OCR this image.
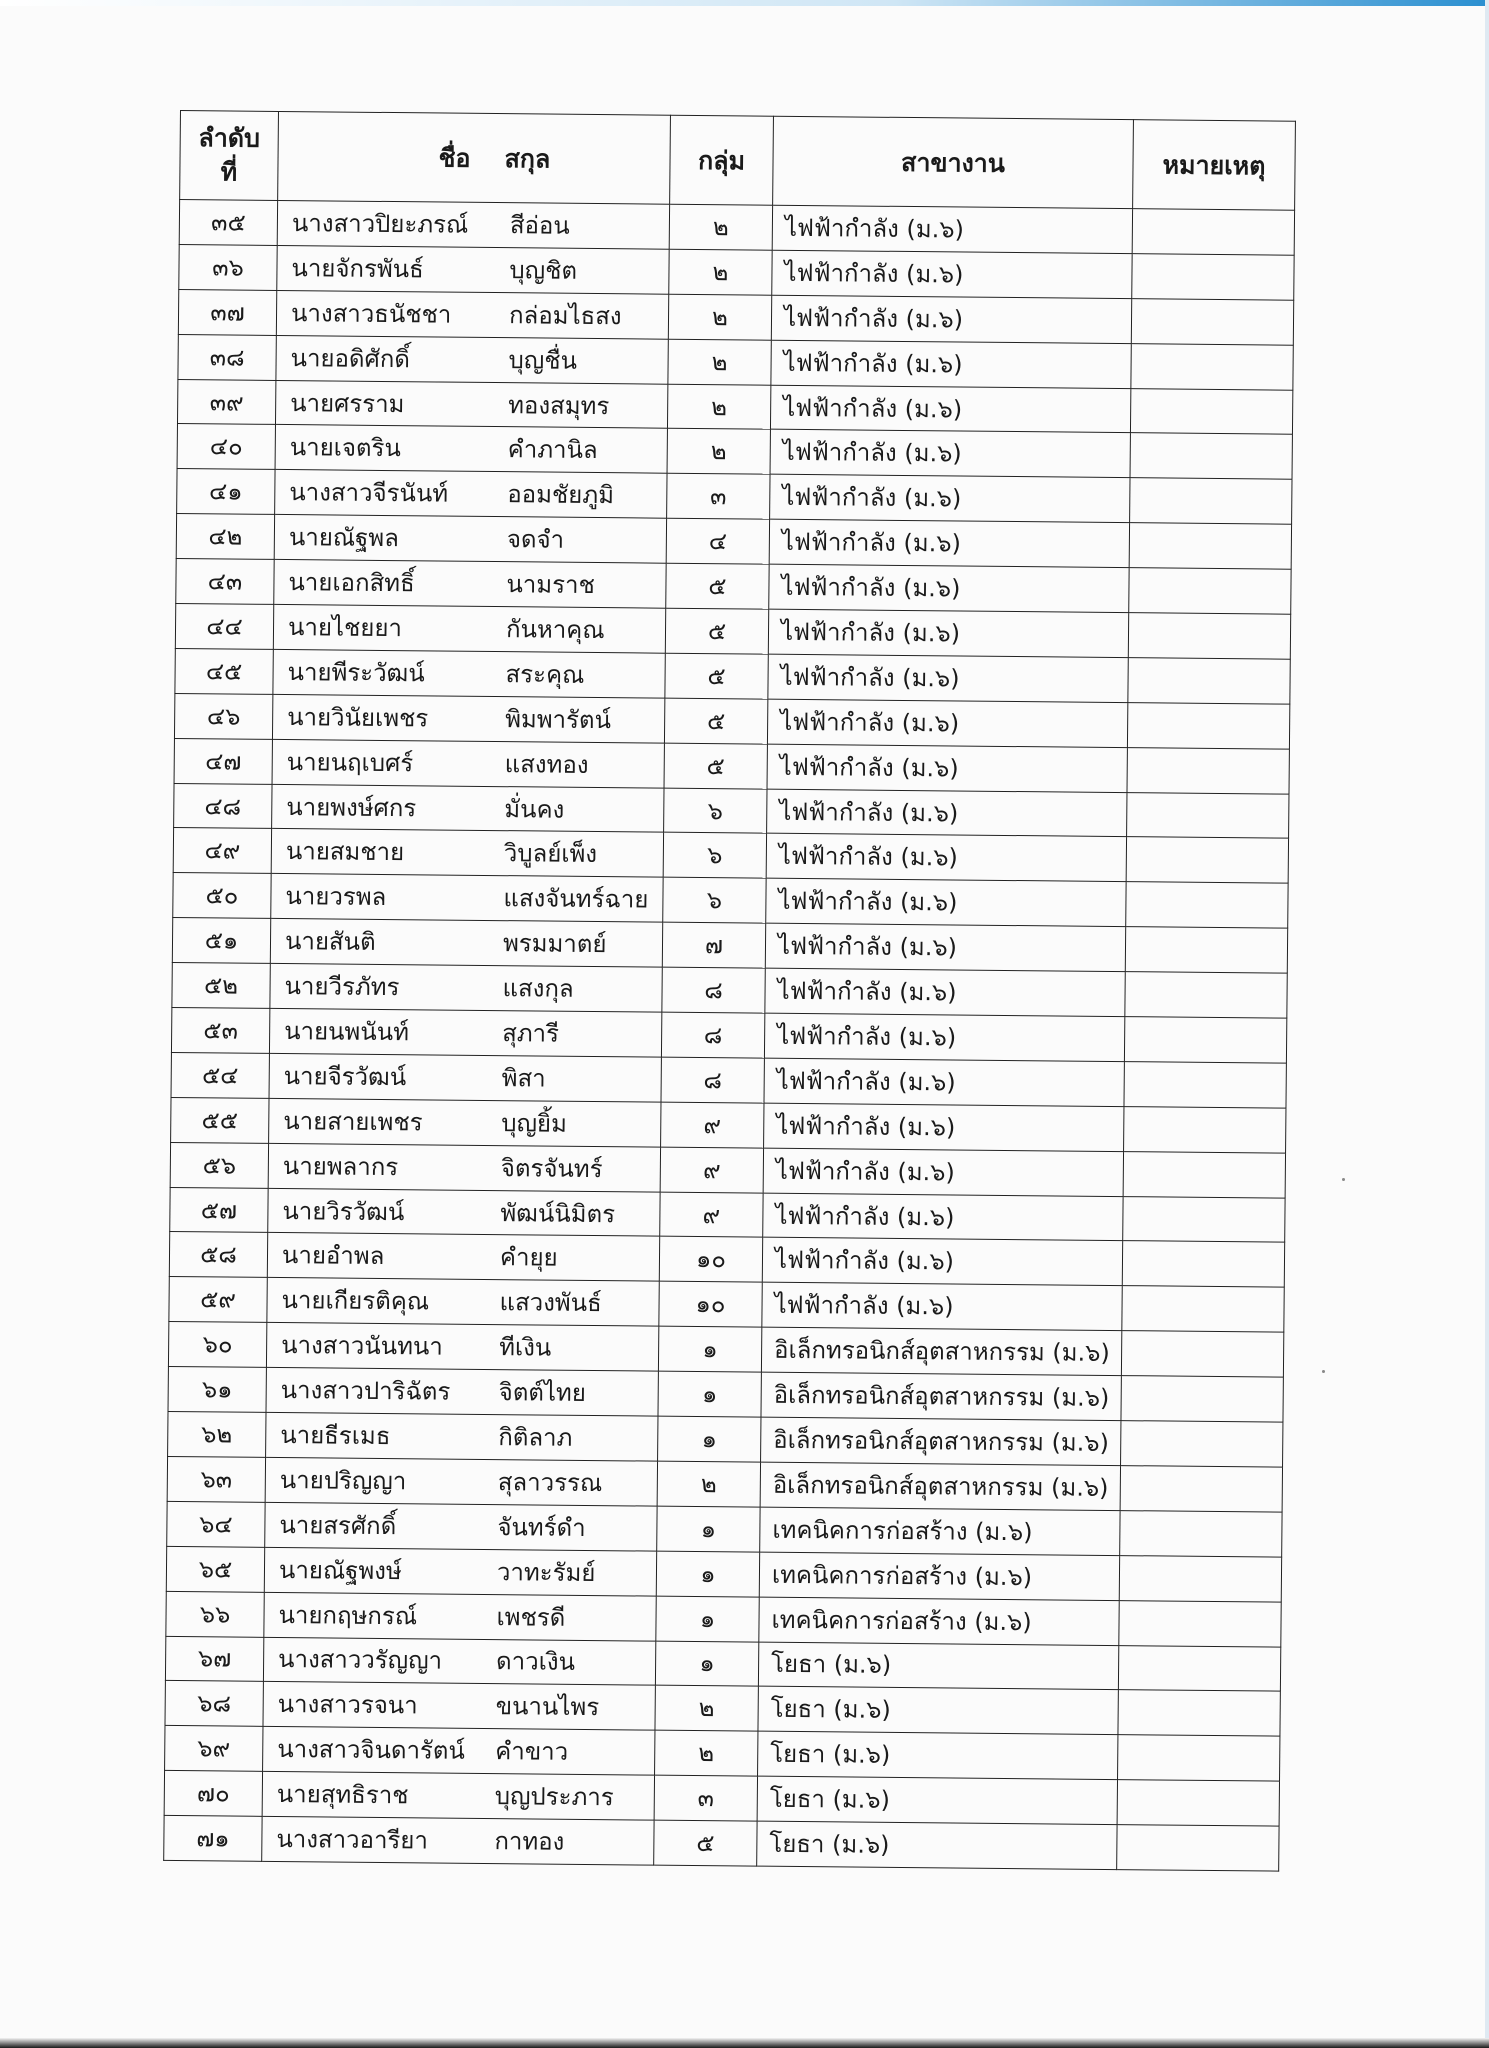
ลำดับ
ที่	ชื่อ สกุล	กลุ่ม	สาขางาน	หมายเหตุ
๓๕	นางสาวปิยะภรณ์ สีอ่อน	๒	ไฟฟ้ากำลัง (ม.๖)	
๓๖	นายจักรพันธ์ บุญชิต	๒	ไฟฟ้ากำลัง (ม.๖)	
๓๗	นางสาวธนัชชา กล่อมไธสง	๒	ไฟฟ้ากำลัง (ม.๖)	
๓๘	นายอดิศักดิ์ บุญชื่น	๒	ไฟฟ้ากำลัง (ม.๖)	
๓๙	นายศรราม ทองสมุทร	๒	ไฟฟ้ากำลัง (ม.๖)	
๔๐	นายเจตริน คำภานิล	๒	ไฟฟ้ากำลัง (ม.๖)	
๔๑	นางสาวจีรนันท์ ออมชัยภูมิ	๓	ไฟฟ้ากำลัง (ม.๖)	
๔๒	นายณัฐพล จดจำ	๔	ไฟฟ้ากำลัง (ม.๖)	
๔๓	นายเอกสิทธิ์ นามราช	๕	ไฟฟ้ากำลัง (ม.๖)	
๔๔	นายไชยยา กันหาคุณ	๕	ไฟฟ้ากำลัง (ม.๖)	
๔๕	นายพีระวัฒน์ สระคุณ	๕	ไฟฟ้ากำลัง (ม.๖)	
๔๖	นายวินัยเพชร พิมพารัตน์	๕	ไฟฟ้ากำลัง (ม.๖)	
๔๗	นายนฤเบศร์ แสงทอง	๕	ไฟฟ้ากำลัง (ม.๖)	
๔๘	นายพงษ์ศกร มั่นคง	๖	ไฟฟ้ากำลัง (ม.๖)	
๔๙	นายสมชาย วิบูลย์เพ็ง	๖	ไฟฟ้ากำลัง (ม.๖)	
๕๐	นายวรพล แสงจันทร์ฉาย	๖	ไฟฟ้ากำลัง (ม.๖)	
๕๑	นายสันติ พรมมาตย์	๗	ไฟฟ้ากำลัง (ม.๖)	
๕๒	นายวีรภัทร แสงกุล	๘	ไฟฟ้ากำลัง (ม.๖)	
๕๓	นายนพนันท์ สุภารี	๘	ไฟฟ้ากำลัง (ม.๖)	
๕๔	นายจีรวัฒน์ พิสา	๘	ไฟฟ้ากำลัง (ม.๖)	
๕๕	นายสายเพชร บุญยิ้ม	๙	ไฟฟ้ากำลัง (ม.๖)	
๕๖	นายพลากร จิตรจันทร์	๙	ไฟฟ้ากำลัง (ม.๖)	
๕๗	นายวิรวัฒน์ พัฒน์นิมิตร	๙	ไฟฟ้ากำลัง (ม.๖)	
๕๘	นายอำพล คำยุย	๑๐	ไฟฟ้ากำลัง (ม.๖)	
๕๙	นายเกียรติคุณ แสวงพันธ์	๑๐	ไฟฟ้ากำลัง (ม.๖)	
๖๐	นางสาวนันทนา ทีเงิน	๑	อิเล็กทรอนิกส์อุตสาหกรรม (ม.๖)	
๖๑	นางสาวปาริฉัตร จิตต์ไทย	๑	อิเล็กทรอนิกส์อุตสาหกรรม (ม.๖)	
๖๒	นายธีรเมธ กิติลาภ	๑	อิเล็กทรอนิกส์อุตสาหกรรม (ม.๖)	
๖๓	นายปริญญา สุลาวรรณ	๒	อิเล็กทรอนิกส์อุตสาหกรรม (ม.๖)	
๖๔	นายสรศักดิ์ จันทร์ดำ	๑	เทคนิคการก่อสร้าง (ม.๖)	
๖๕	นายณัฐพงษ์ วาทะรัมย์	๑	เทคนิคการก่อสร้าง (ม.๖)	
๖๖	นายกฤษกรณ์ เพชรดี	๑	เทคนิคการก่อสร้าง (ม.๖)	
๖๗	นางสาววรัญญา ดาวเงิน	๑	โยธา (ม.๖)	
๖๘	นางสาวรจนา ขนานไพร	๒	โยธา (ม.๖)	
๖๙	นางสาวจินดารัตน์ คำขาว	๒	โยธา (ม.๖)	
๗๐	นายสุทธิราช บุญประภาร	๓	โยธา (ม.๖)	
๗๑	นางสาวอารียา กาทอง	๕	โยธา (ม.๖)	
